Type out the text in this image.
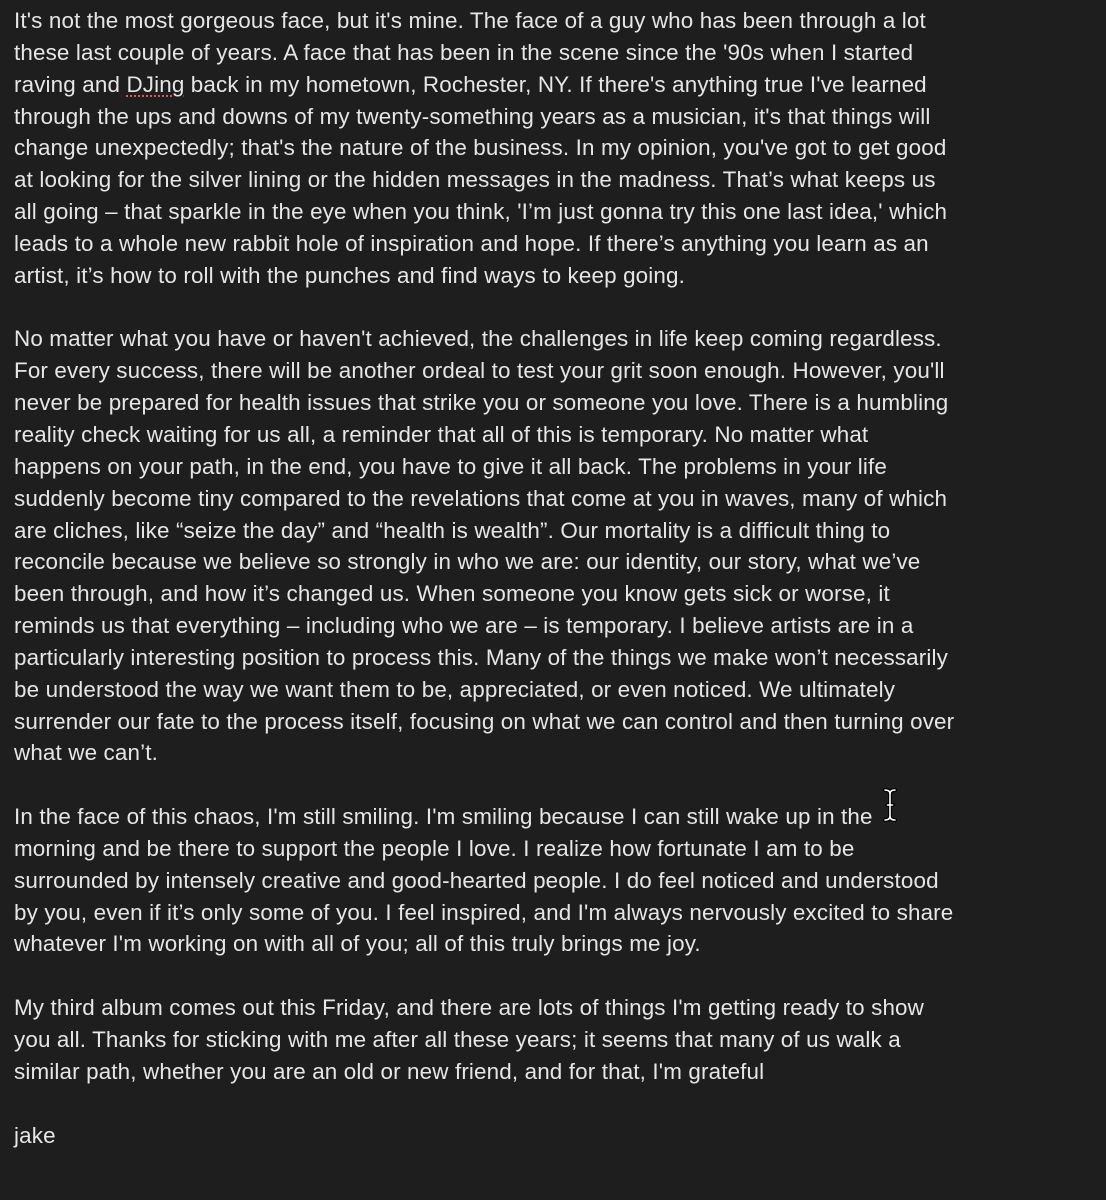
It's not the most gorgeous face, but it's mine. The face of a guy who has been through a lot
these last couple of years. A face that has been in the scene since the '90s when I started
raving and DJing back in my hometown, Rochester, NY. If there's anything true I've learned
through the ups and downs of my twenty-something years as a musician, it's that things will
change unexpectedly; that's the nature of the business. In my opinion, you've got to get good
at looking for the silver lining or the hidden messages in the madness. That’s what keeps us
all going – that sparkle in the eye when you think, 'I’m just gonna try this one last idea,' which
leads to a whole new rabbit hole of inspiration and hope. If there’s anything you learn as an
artist, it’s how to roll with the punches and find ways to keep going.
No matter what you have or haven't achieved, the challenges in life keep coming regardless.
For every success, there will be another ordeal to test your grit soon enough. However, you'll
never be prepared for health issues that strike you or someone you love. There is a humbling
reality check waiting for us all, a reminder that all of this is temporary. No matter what
happens on your path, in the end, you have to give it all back. The problems in your life
suddenly become tiny compared to the revelations that come at you in waves, many of which
are cliches, like “seize the day” and “health is wealth”. Our mortality is a difficult thing to
reconcile because we believe so strongly in who we are: our identity, our story, what we’ve
been through, and how it’s changed us. When someone you know gets sick or worse, it
reminds us that everything – including who we are – is temporary. I believe artists are in a
particularly interesting position to process this. Many of the things we make won’t necessarily
be understood the way we want them to be, appreciated, or even noticed. We ultimately
surrender our fate to the process itself, focusing on what we can control and then turning over
what we can’t.
In the face of this chaos, I'm still smiling. I'm smiling because I can still wake up in the
morning and be there to support the people I love. I realize how fortunate I am to be
surrounded by intensely creative and good-hearted people. I do feel noticed and understood
by you, even if it’s only some of you. I feel inspired, and I'm always nervously excited to share
whatever I'm working on with all of you; all of this truly brings me joy.
My third album comes out this Friday, and there are lots of things I'm getting ready to show
you all. Thanks for sticking with me after all these years; it seems that many of us walk a
similar path, whether you are an old or new friend, and for that, I'm grateful
jake
